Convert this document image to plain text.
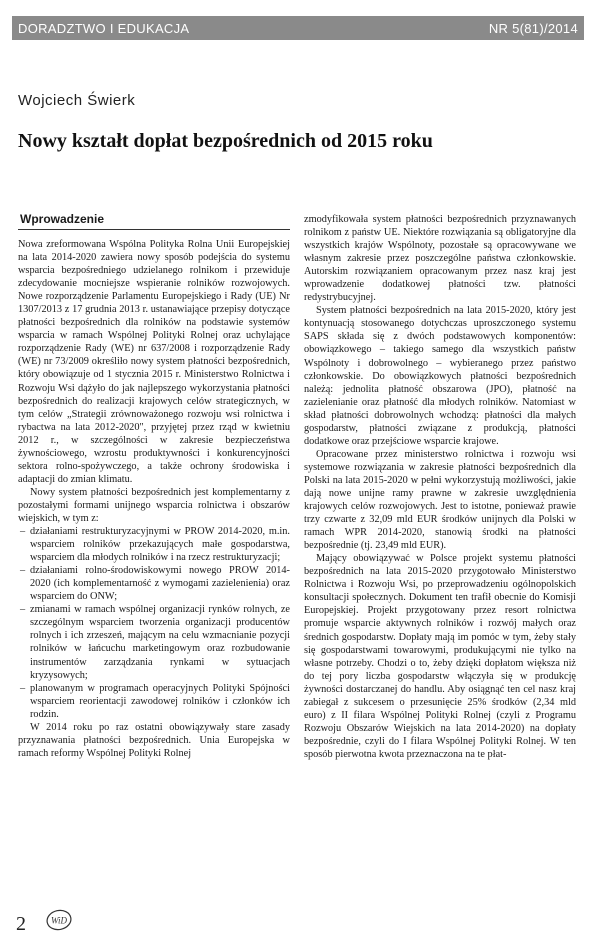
DORADZTWO I EDUKACJA	NR 5(81)/2014
Wojciech Świerk
Nowy kształt dopłat bezpośrednich od 2015 roku
Wprowadzenie

Nowa zreformowana Wspólna Polityka Rolna Unii Europejskiej na lata 2014-2020 zawiera nowy sposób podejścia do systemu wsparcia bezpośredniego udzielanego rolnikom i przewiduje zdecydowanie mocniejsze wspieranie rolników rozwojowych. Nowe rozporządzenie Parlamentu Europejskiego i Rady (UE) Nr 1307/2013 z 17 grudnia 2013 r. ustanawiające przepisy dotyczące płatności bezpośrednich dla rolników na podstawie systemów wsparcia w ramach Wspólnej Polityki Rolnej oraz uchylające rozporządzenie Rady (WE) nr 637/2008 i rozporządzenie Rady (WE) nr 73/2009 określiło nowy system płatności bezpośrednich, który obowiązuje od 1 stycznia 2015 r. Ministerstwo Rolnictwa i Rozwoju Wsi dążyło do jak najlepszego wykorzystania płatności bezpośrednich do realizacji krajowych celów strategicznych, w tym celów „Strategii zrównoważonego rozwoju wsi rolnictwa i rybactwa na lata 2012-2020", przyjętej przez rząd w kwietniu 2012 r., w szczególności w zakresie bezpieczeństwa żywnościowego, wzrostu produktywności i konkurencyjności sektora rolno-spożywczego, a także ochrony środowiska i adaptacji do zmian klimatu.

Nowy system płatności bezpośrednich jest komplementarny z pozostałymi formami unijnego wsparcia rolnictwa i obszarów wiejskich, w tym z:

– działaniami restrukturyzacyjnymi w PROW 2014-2020, m.in. wsparciem rolników przekazujących małe gospodarstwa, wsparciem dla młodych rolników i na rzecz restrukturyzacji;
– działaniami rolno-środowiskowymi nowego PROW 2014-2020 (ich komplementarność z wymogami zazielenienia) oraz wsparciem do ONW;
– zmianami w ramach wspólnej organizacji rynków rolnych, ze szczególnym wsparciem tworzenia organizacji producentów rolnych i ich zrzeszeń, mającym na celu wzmacnianie pozycji rolników w łańcuchu marketingowym oraz rozbudowanie instrumentów zarządzania rynkami w sytuacjach kryzysowych;
– planowanym w programach operacyjnych Polityki Spójności wsparciem reorientacji zawodowej rolników i członków ich rodzin.

W 2014 roku po raz ostatni obowiązywały stare zasady przyznawania płatności bezpośrednich. Unia Europejska w ramach reformy Wspólnej Polityki Rolnej

zmodyfikowała system płatności bezpośrednich przyznawanych rolnikom z państw UE. Niektóre rozwiązania są obligatoryjne dla wszystkich krajów Wspólnoty, pozostałe są opracowywane we własnym zakresie przez poszczególne państwa członkowskie. Autorskim rozwiązaniem opracowanym przez nasz kraj jest wprowadzenie dodatkowej płatności tzw. płatności redystrybucyjnej.

System płatności bezpośrednich na lata 2015-2020, który jest kontynuacją stosowanego dotychczas uproszczonego systemu SAPS składa się z dwóch podstawowych komponentów: obowiązkowego – takiego samego dla wszystkich państw Wspólnoty i dobrowolnego – wybieranego przez państwo członkowskie. Do obowiązkowych płatności bezpośrednich należą: jednolita płatność obszarowa (JPO), płatność na zazielenianie oraz płatność dla młodych rolników. Natomiast w skład płatności dobrowolnych wchodzą: płatności dla małych gospodarstw, płatności związane z produkcją, płatności dodatkowe oraz przejściowe wsparcie krajowe.

Opracowane przez ministerstwo rolnictwa i rozwoju wsi systemowe rozwiązania w zakresie płatności bezpośrednich dla Polski na lata 2015-2020 w pełni wykorzystują możliwości, jakie dają nowe unijne ramy prawne w zakresie uwzględnienia krajowych celów rozwojowych. Jest to istotne, ponieważ prawie trzy czwarte z 32,09 mld EUR środków unijnych dla Polski w ramach WPR 2014-2020, stanowią środki na płatności bezpośrednie (tj. 23,49 mld EUR).

Mający obowiązywać w Polsce projekt systemu płatności bezpośrednich na lata 2015-2020 przygotowało Ministerstwo Rolnictwa i Rozwoju Wsi, po przeprowadzeniu ogólnopolskich konsultacji społecznych. Dokument ten trafił obecnie do Komisji Europejskiej. Projekt przygotowany przez resort rolnictwa promuje wsparcie aktywnych rolników i rozwój małych oraz średnich gospodarstw. Dopłaty mają im pomóc w tym, żeby stały się gospodarstwami towarowymi, produkującymi nie tylko na własne potrzeby. Chodzi o to, żeby dzięki dopłatom większa niż do tej pory liczba gospodarstw włączyła się w produkcję żywności dostarczanej do handlu. Aby osiągnąć ten cel nasz kraj zabiegał z sukcesem o przesunięcie 25% środków (2,34 mld euro) z II filara Wspólnej Polityki Rolnej (czyli z Programu Rozwoju Obszarów Wiejskich na lata 2014-2020) na dopłaty bezpośrednie, czyli do I filara Wspólnej Polityki Rolnej. W ten sposób pierwotna kwota przeznaczona na te płat-

2	WiD
